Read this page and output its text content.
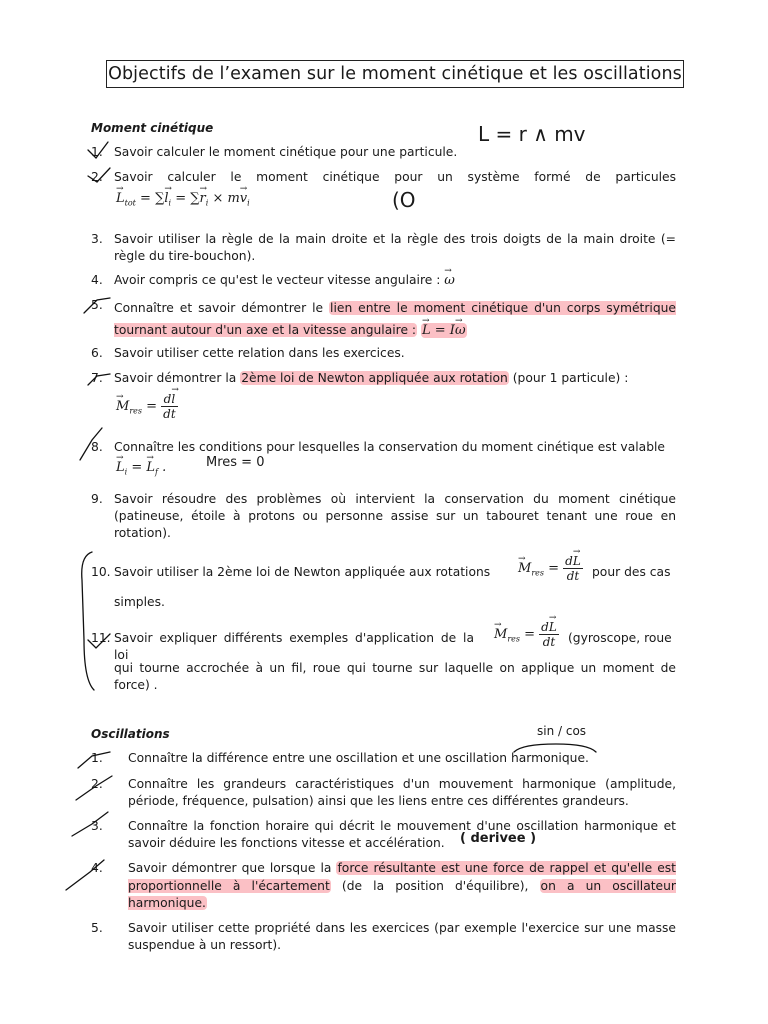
Objectifs de l’examen sur le moment cinétique et les oscillations
Moment cinétique
1. Savoir calculer le moment cinétique pour une particule.
2. Savoir calculer le moment cinétique pour un système formé de particules
→ $L_{tot}$ = ∑→ $l_i$ = ∑→ $r_i \times m\to v_i$
3. Savoir utiliser la règle de la main droite et la règle des trois doigts de la main droite (= règle du tire-bouchon).
4. Avoir compris ce qu'est le vecteur vitesse angulaire : → ω
5. Connaître et savoir démontrer le lien entre le moment cinétique d'un corps symétrique tournant autour d'un axe et la vitesse angulaire : → L = I→ ω
6. Savoir utiliser cette relation dans les exercices.
7. Savoir démontrer la 2ème loi de Newton appliquée aux rotation (pour 1 particule) :
→ $M_{res} = \frac{d\to l}{dt}$
8. Connaître les conditions pour lesquelles la conservation du moment cinétique est valable
→ $L_i$ = → $L_f$ .
9. Savoir résoudre des problèmes où intervient la conservation du moment cinétique (patineuse, étoile à protons ou personne assise sur un tabouret tenant une roue en rotation).
10. Savoir utiliser la 2ème loi de Newton appliquée aux rotations	→ $M_{res} = \frac{d\to L}{dt}$ pour des cas
simples.
11. Savoir expliquer différents exemples d'application de la loi
→ $M_{res} = \frac{d\to L}{dt}$ (gyroscope, roue
qui tourne accrochée à un fil, roue qui tourne sur laquelle on applique un moment de force) .
Oscillations
1. Connaître la différence entre une oscillation et une oscillation harmonique.
2. Connaître les grandeurs caractéristiques d'un mouvement harmonique (amplitude, période, fréquence, pulsation) ainsi que les liens entre ces différentes grandeurs.
3. Connaître la fonction horaire qui décrit le mouvement d'une oscillation harmonique et savoir déduire les fonctions vitesse et accélération.
4. Savoir démontrer que lorsque la force résultante est une force de rappel et qu'elle est proportionnelle à l'écartement (de la position d'équilibre), on a un oscillateur harmonique.
5. Savoir utiliser cette propriété dans les exercices (par exemple l'exercice sur une masse suspendue à un ressort).
L = r ∧ mv
(O
Mres = 0
sin / cos
( derivee )
